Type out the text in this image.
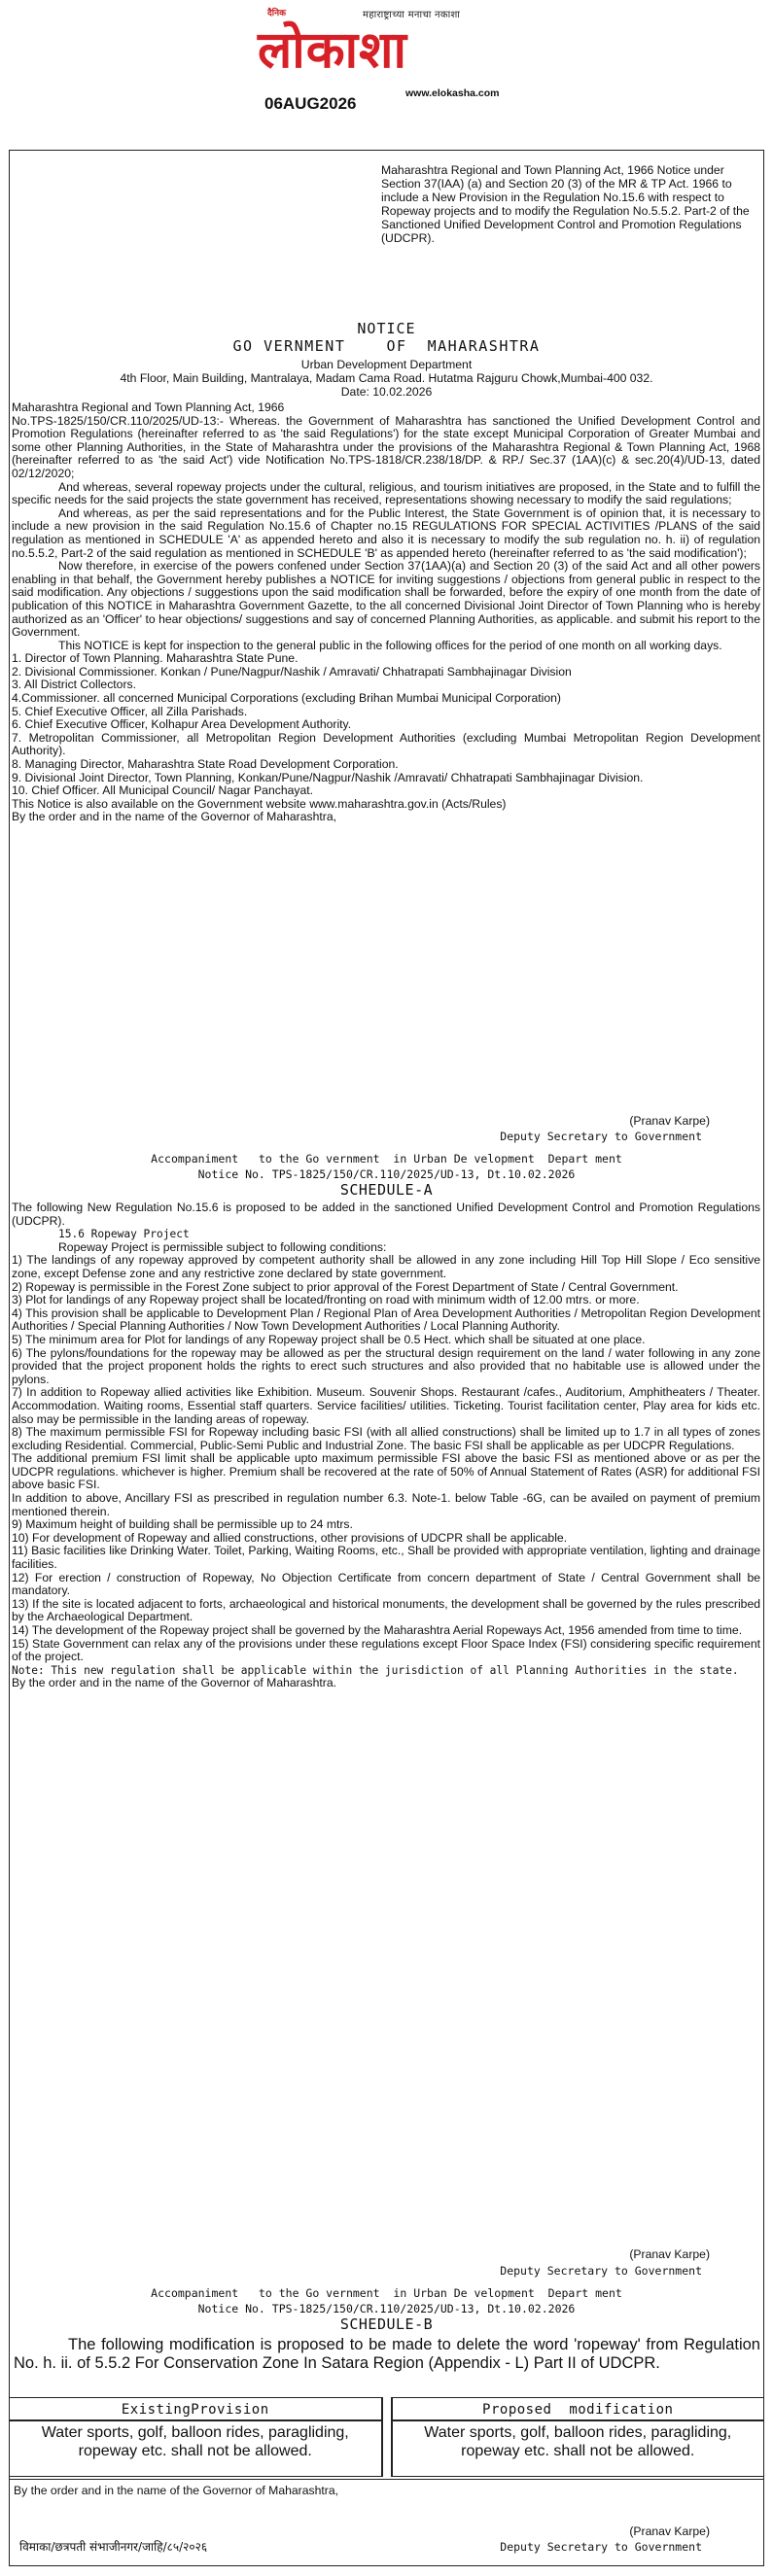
दैनिक	महाराष्ट्राच्या मनाचा नकाशा
लोकाशा
www.elokasha.com
06AUG2026
Maharashtra Regional and Town Planning Act, 1966 Notice under Section 37(IAA) (a) and Section 20 (3) of the MR & TP Act. 1966 to include a New Provision in the Regulation No.15.6 with respect to Ropeway projects and to modify the Regulation No.5.5.2. Part-2 of the Sanctioned Unified Development Control and Promotion Regulations (UDCPR).
NOTICE
GO VERNMENT    OF  MAHARASHTRA
Urban Development Department
4th Floor, Main Building, Mantralaya, Madam Cama Road. Hutatma Rajguru Chowk,Mumbai-400 032.
Date: 10.02.2026

Maharashtra Regional and Town Planning Act, 1966

No.TPS-1825/150/CR.110/2025/UD-13:- Whereas. the Government of Maharashtra has sanctioned the Unified Development Control and Promotion Regulations (hereinafter referred to as 'the said Regulations') for the state except Municipal Corporation of Greater Mumbai and some other Planning Authorities, in the State of Maharashtra under the provisions of the Maharashtra Regional & Town Planning Act, 1968 (hereinafter referred to as 'the said Act') vide Notification No.TPS-1818/CR.238/18/DP. & RP./ Sec.37 (1AA)(c) & sec.20(4)/UD-13, dated 02/12/2020;

And whereas, several ropeway projects under the cultural, religious, and tourism initiatives are proposed, in the State and to fulfill the specific needs for the said projects the state government has received, representations showing necessary to modify the said regulations;

And whereas, as per the said representations and for the Public Interest, the State Government is of opinion that, it is necessary to include a new provision in the said Regulation No.15.6 of Chapter no.15 REGULATIONS FOR SPECIAL ACTIVITIES /PLANS of the said regulation as mentioned in SCHEDULE 'A' as appended hereto and also it is necessary to modify the sub regulation no. h. ii) of regulation no.5.5.2, Part-2 of the said regulation as mentioned in SCHEDULE 'B' as appended hereto (hereinafter referred to as 'the said modification');

Now therefore, in exercise of the powers confened under Section 37(1AA)(a) and Section 20 (3) of the said Act and all other powers enabling in that behalf, the Government hereby publishes a NOTICE for inviting suggestions / objections from general public in respect to the said modification. Any objections / suggestions upon the said modification shall be forwarded, before the expiry of one month from the date of publication of this NOTICE in Maharashtra Government Gazette, to the all concerned Divisional Joint Director of Town Planning who is hereby authorized as an 'Officer' to hear objections/ suggestions and say of concerned Planning Authorities, as applicable. and submit his report to the Government.

This NOTICE is kept for inspection to the general public in the following offices for the period of one month on all working days.

1. Director of Town Planning. Maharashtra State Pune.

2. Divisional Commissioner. Konkan / Pune/Nagpur/Nashik / Amravati/ Chhatrapati Sambhajinagar Division

3. All District Collectors.

4.Commissioner. all concerned Municipal Corporations (excluding Brihan Mumbai Municipal Corporation)

5. Chief Executive Officer, all Zilla Parishads.

6. Chief Executive Officer, Kolhapur Area Development Authority.

7. Metropolitan Commissioner, all Metropolitan Region Development Authorities (excluding Mumbai Metropolitan Region Development Authority).

8. Managing Director, Maharashtra State Road Development Corporation.

9. Divisional Joint Director, Town Planning, Konkan/Pune/Nagpur/Nashik /Amravati/ Chhatrapati Sambhajinagar Division.

10. Chief Officer. All Municipal Council/ Nagar Panchayat.

This Notice is also available on the Government website www.maharashtra.gov.in (Acts/Rules)

By the order and in the name of the Governor of Maharashtra,

(Pranav Karpe)
Deputy Secretary to Government
Accompaniment   to the Go vernment  in Urban De velopment  Depart ment
Notice No. TPS-1825/150/CR.110/2025/UD-13, Dt.10.02.2026
SCHEDULE-A

The following New Regulation No.15.6 is proposed to be added in the sanctioned Unified Development Control and Promotion Regulations (UDCPR).

15.6 Ropeway Project

Ropeway Project is permissible subject to following conditions:

1) The landings of any ropeway approved by competent authority shall be allowed in any zone including Hill Top Hill Slope / Eco sensitive zone, except Defense zone and any restrictive zone declared by state government.

2) Ropeway is permissible in the Forest Zone subject to prior approval of the Forest Department of State / Central Government.

3) Plot for landings of any Ropeway project shall be located/fronting on road with minimum width of 12.00 mtrs. or more.

4) This provision shall be applicable to Development Plan / Regional Plan of Area Development Authorities / Metropolitan Region Development Authorities / Special Planning Authorities / Now Town Development Authorities / Local Planning Authority.

5) The minimum area for Plot for landings of any Ropeway project shall be 0.5 Hect. which shall be situated at one place.

6) The pylons/foundations for the ropeway may be allowed as per the structural design requirement on the land / water following in any zone provided that the project proponent holds the rights to erect such structures and also provided that no habitable use is allowed under the pylons.

7) In addition to Ropeway allied activities like Exhibition. Museum. Souvenir Shops. Restaurant /cafes., Auditorium, Amphitheaters / Theater. Accommodation. Waiting rooms, Essential staff quarters. Service facilities/ utilities. Ticketing. Tourist facilitation center, Play area for kids etc. also may be permissible in the landing areas of ropeway.

8) The maximum permissible FSI for Ropeway including basic FSI (with all allied constructions) shall be limited up to 1.7 in all types of zones excluding Residential. Commercial, Public-Semi Public and Industrial Zone. The basic FSI shall be applicable as per UDCPR Regulations.

The additional premium FSI limit shall be applicable upto maximum permissible FSI above the basic FSI as mentioned above or as per the UDCPR regulations. whichever is higher. Premium shall be recovered at the rate of 50% of Annual Statement of Rates (ASR) for additional FSI above basic FSI.

In addition to above, Ancillary FSI as prescribed in regulation number 6.3. Note-1. below Table -6G, can be availed on payment of premium mentioned therein.

9) Maximum height of building shall be permissible up to 24 mtrs.

10) For development of Ropeway and allied constructions, other provisions of UDCPR shall be applicable.

11) Basic facilities like Drinking Water. Toilet, Parking, Waiting Rooms, etc., Shall be provided with appropriate ventilation, lighting and drainage facilities.

12) For erection / construction of Ropeway, No Objection Certificate from concern department of State / Central Government shall be mandatory.

13) If the site is located adjacent to forts, archaeological and historical monuments, the development shall be governed by the rules prescribed by the Archaeological Department.

14) The development of the Ropeway project shall be governed by the Maharashtra Aerial Ropeways Act, 1956 amended from time to time.

15) State Government can relax any of the provisions under these regulations except Floor Space Index (FSI) considering specific requirement of the project.

Note: This new regulation shall be applicable within the jurisdiction of all Planning Authorities in the state.

By the order and in the name of the Governor of Maharashtra.

(Pranav Karpe)
Deputy Secretary to Government
Accompaniment   to the Go vernment  in Urban De velopment  Depart ment
Notice No. TPS-1825/150/CR.110/2025/UD-13, Dt.10.02.2026
SCHEDULE-B
The following modification is proposed to be made to delete the word 'ropeway' from Regulation No. h. ii. of 5.5.2 For Conservation Zone In Satara Region (Appendix - L) Part II of UDCPR.
ExistingProvision	Proposed  modification
Water sports, golf, balloon rides, paragliding, ropeway etc. shall not be allowed.
Water sports, golf, balloon rides, paragliding, ropeway etc. shall not be allowed.
By the order and in the name of the Governor of Maharashtra,
विमाका/छत्रपती संभाजीनगर/जाहि/८५/२०२६
(Pranav Karpe)
Deputy Secretary to Government
